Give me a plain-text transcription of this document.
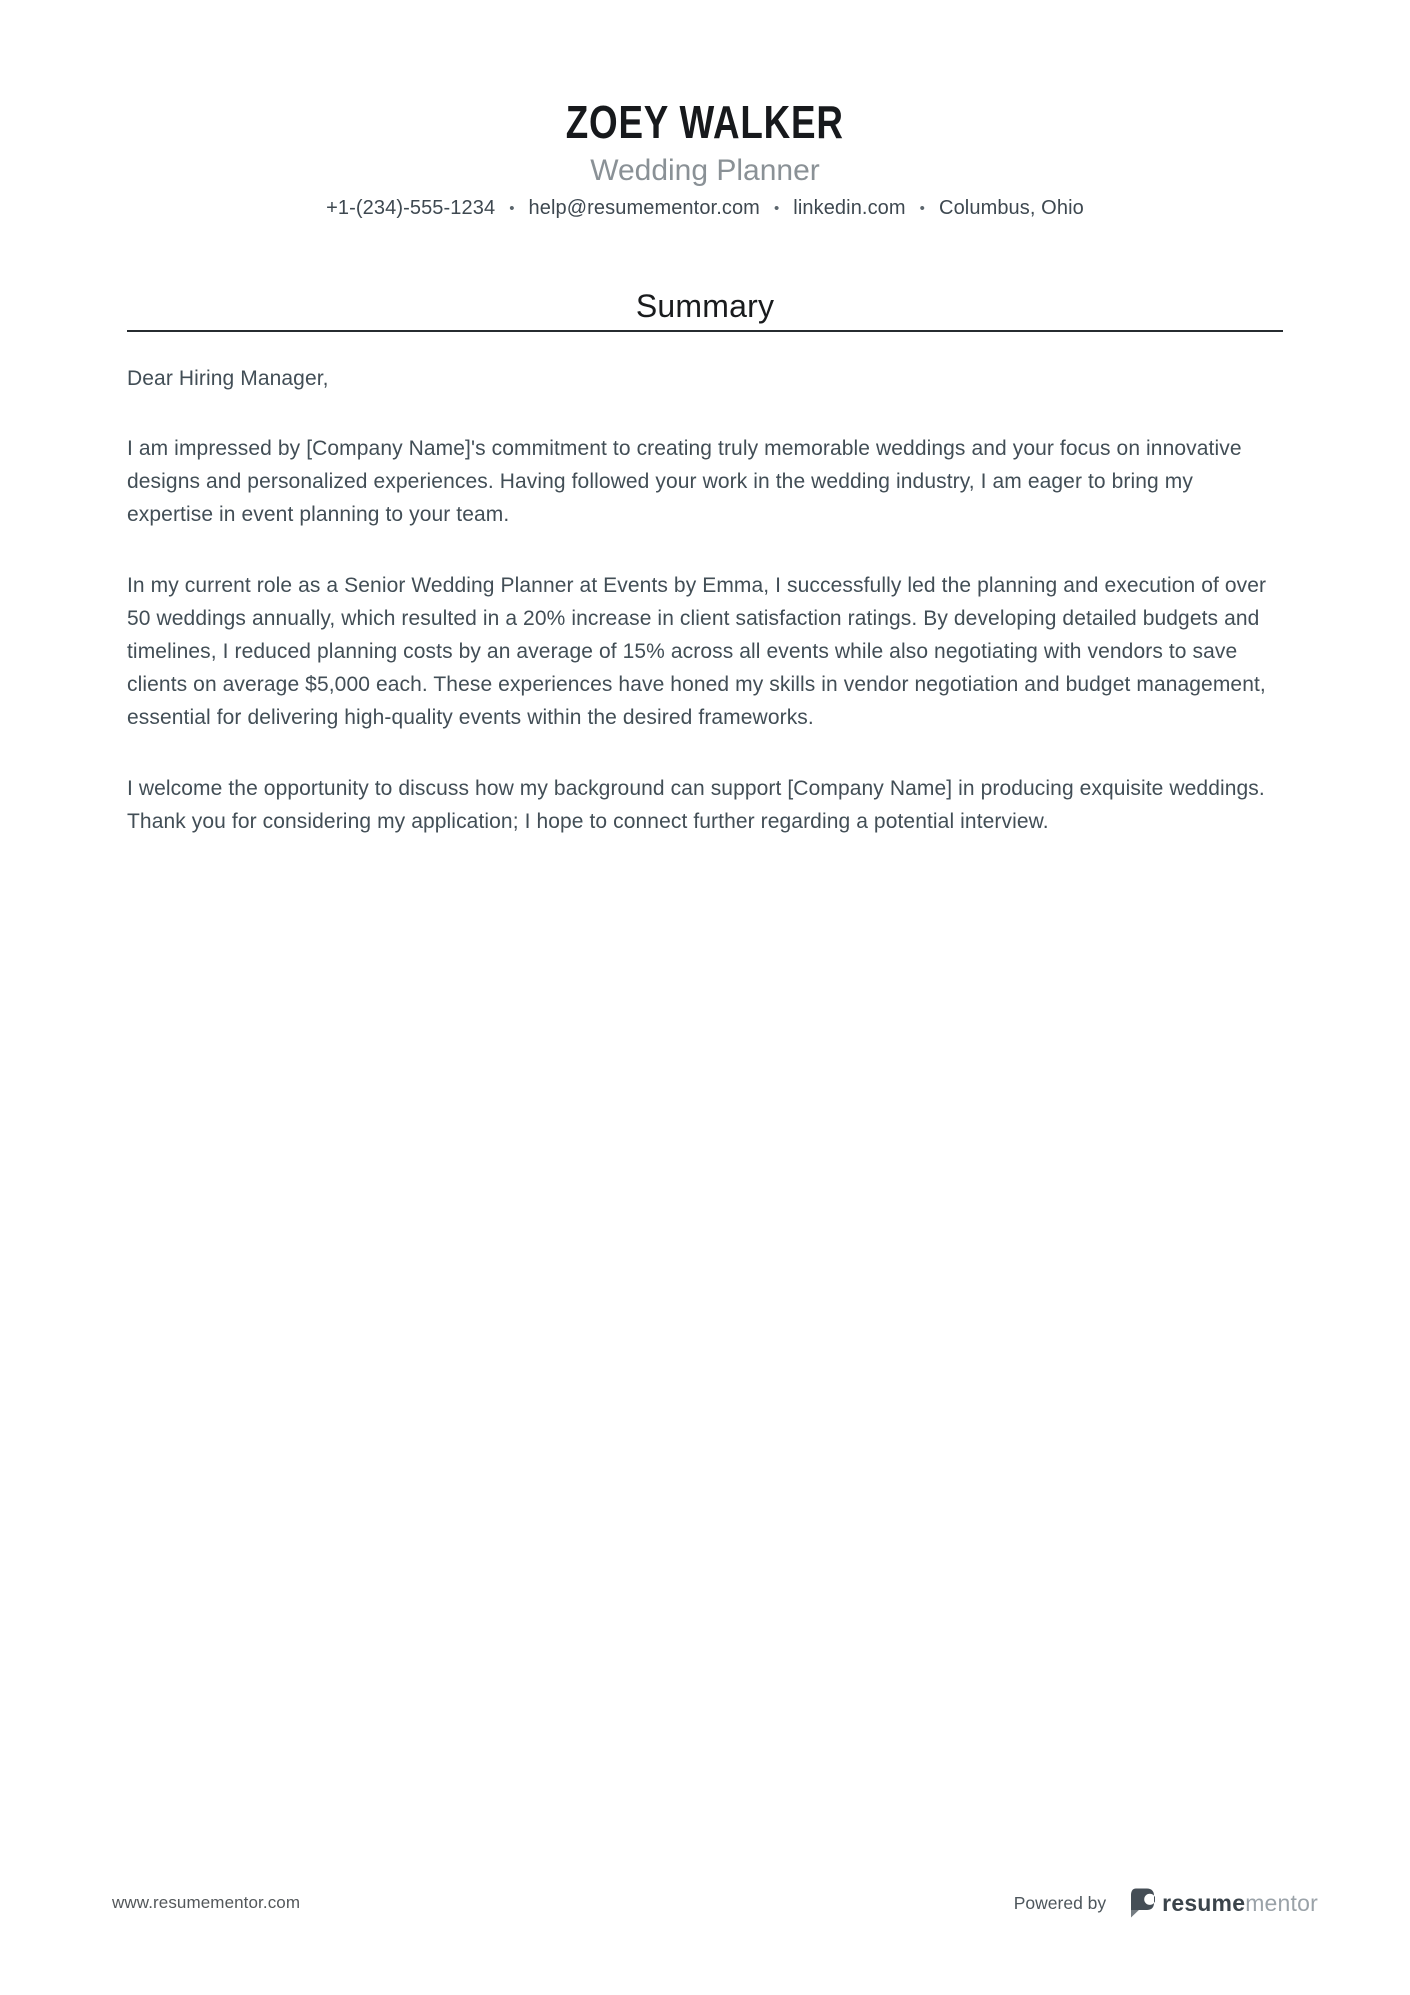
ZOEY WALKER
Wedding Planner
+1-(234)-555-1234 • help@resumementor.com • linkedin.com • Columbus, Ohio
Summary

Dear Hiring Manager,

I am impressed by [Company Name]'s commitment to creating truly memorable weddings and your focus on innovative designs and personalized experiences. Having followed your work in the wedding industry, I am eager to bring my expertise in event planning to your team.

In my current role as a Senior Wedding Planner at Events by Emma, I successfully led the planning and execution of over 50 weddings annually, which resulted in a 20% increase in client satisfaction ratings. By developing detailed budgets and timelines, I reduced planning costs by an average of 15% across all events while also negotiating with vendors to save clients on average $5,000 each. These experiences have honed my skills in vendor negotiation and budget management, essential for delivering high-quality events within the desired frameworks.

I welcome the opportunity to discuss how my background can support [Company Name] in producing exquisite weddings. Thank you for considering my application; I hope to connect further regarding a potential interview.

www.resumementor.com	Powered by resumementor
